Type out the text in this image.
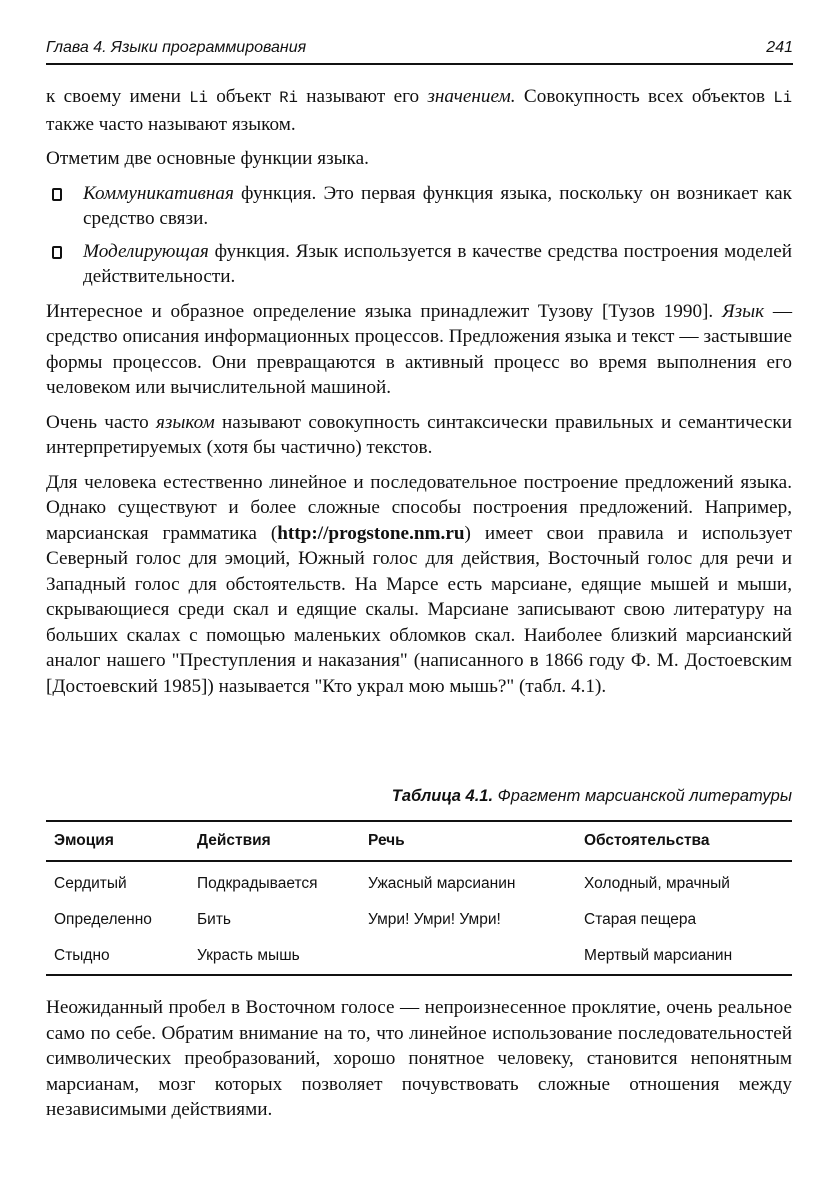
Глава 4. Языки программирования	241

к своему имени Li объект Ri называют его значением. Совокупность всех объектов Li также часто называют языком.

Отметим две основные функции языка.

Коммуникативная функция. Это первая функция языка, поскольку он возникает как средство связи.
Моделирующая функция. Язык используется в качестве средства построения моделей действительности.

Интересное и образное определение языка принадлежит Тузову [Тузов 1990]. Язык — средство описания информационных процессов. Предложения языка и текст — застывшие формы процессов. Они превращаются в активный процесс во время выполнения его человеком или вычислительной машиной.

Очень часто языком называют совокупность синтаксически правильных и семантически интерпретируемых (хотя бы частично) текстов.

Для человека естественно линейное и последовательное построение предложений языка. Однако существуют и более сложные способы построения предложений. Например, марсианская грамматика (http://progstone.nm.ru) имеет свои правила и использует Северный голос для эмоций, Южный голос для действия, Восточный голос для речи и Западный голос для обстоятельств. На Марсе есть марсиане, едящие мышей и мыши, скрывающиеся среди скал и едящие скалы. Марсиане записывают свою литературу на больших скалах с помощью маленьких обломков скал. Наиболее близкий марсианский аналог нашего "Преступления и наказания" (написанного в 1866 году Ф. М. Достоевским [Достоевский 1985]) называется "Кто украл мою мышь?" (табл. 4.1).

Таблица 4.1. Фрагмент марсианской литературы
Эмоция	Действия	Речь	Обстоятельства
Сердитый	Подкрадывается	Ужасный марсианин	Холодный, мрачный
Определенно	Бить	Умри! Умри! Умри!	Старая пещера
Стыдно	Украсть мышь		Мертвый марсианин

Неожиданный пробел в Восточном голосе — непроизнесенное проклятие, очень реальное само по себе. Обратим внимание на то, что линейное использование последовательностей символических преобразований, хорошо понятное человеку, становится непонятным марсианам, мозг которых позволяет почувствовать сложные отношения между независимыми действиями.
